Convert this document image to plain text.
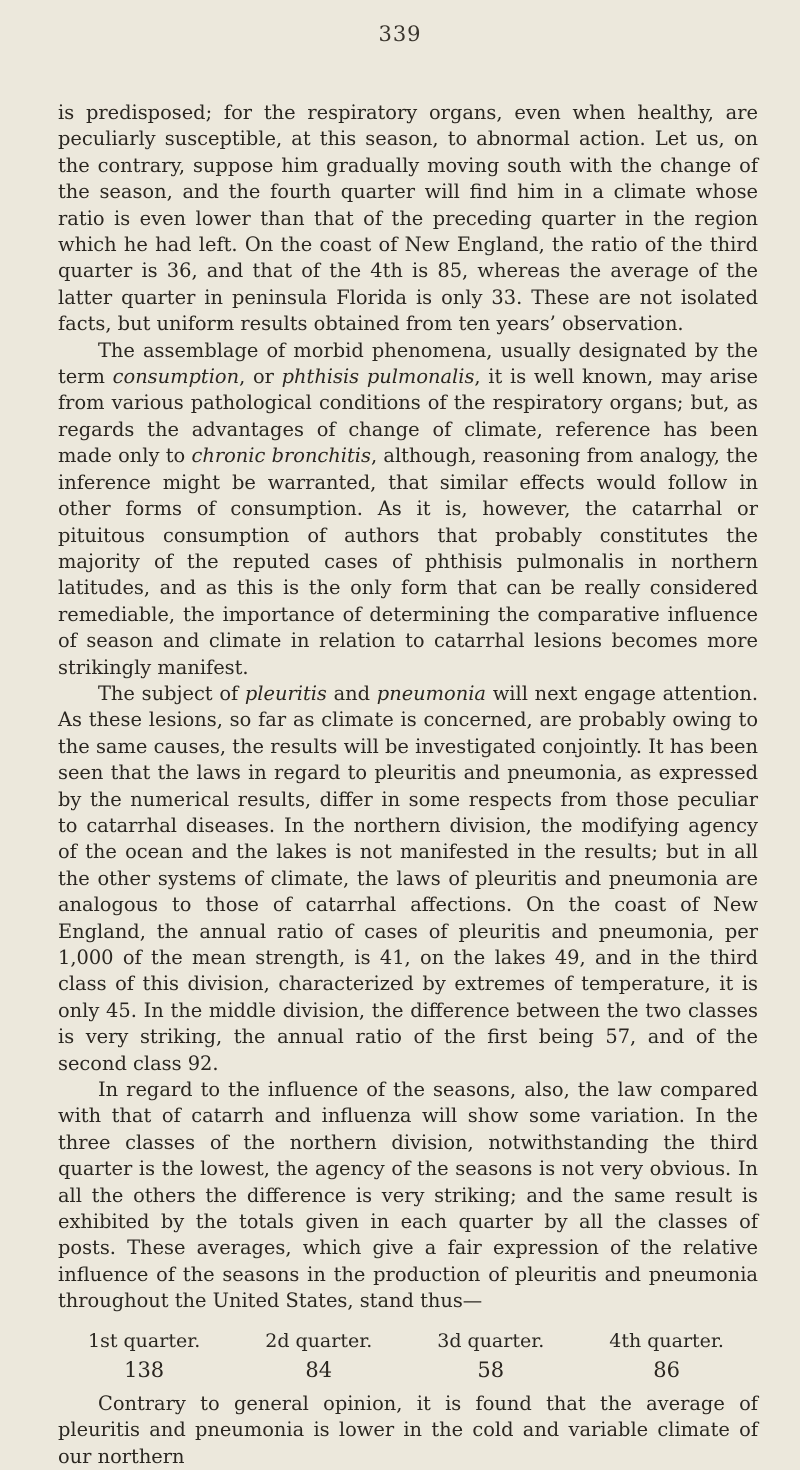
339

is predisposed; for the respiratory organs, even when healthy, are peculiarly susceptible, at this season, to abnormal action. Let us, on the contrary, suppose him gradually moving south with the change of the season, and the fourth quarter will find him in a climate whose ratio is even lower than that of the preceding quarter in the region which he had left. On the coast of New England, the ratio of the third quarter is 36, and that of the 4th is 85, whereas the average of the latter quarter in peninsula Florida is only 33. These are not isolated facts, but uniform results obtained from ten years’ observation.

The assemblage of morbid phenomena, usually designated by the term consumption, or phthisis pulmonalis, it is well known, may arise from various pathological conditions of the respiratory organs; but, as regards the advantages of change of climate, reference has been made only to chronic bronchitis, although, reasoning from analogy, the inference might be warranted, that similar effects would follow in other forms of consumption. As it is, however, the catarrhal or pituitous consumption of authors that probably constitutes the majority of the reputed cases of phthisis pulmonalis in northern latitudes, and as this is the only form that can be really considered remediable, the importance of determining the comparative influence of season and climate in relation to catarrhal lesions becomes more strikingly manifest.

The subject of pleuritis and pneumonia will next engage attention. As these lesions, so far as climate is concerned, are probably owing to the same causes, the results will be investigated conjointly. It has been seen that the laws in regard to pleuritis and pneumonia, as expressed by the numerical results, differ in some respects from those peculiar to catarrhal diseases. In the northern division, the modifying agency of the ocean and the lakes is not manifested in the results; but in all the other systems of climate, the laws of pleuritis and pneumonia are analogous to those of catarrhal affections. On the coast of New England, the annual ratio of cases of pleuritis and pneumonia, per 1,000 of the mean strength, is 41, on the lakes 49, and in the third class of this division, characterized by extremes of temperature, it is only 45. In the middle division, the difference between the two classes is very striking, the annual ratio of the first being 57, and of the second class 92.

In regard to the influence of the seasons, also, the law compared with that of catarrh and influenza will show some variation. In the three classes of the northern division, notwithstanding the third quarter is the lowest, the agency of the seasons is not very obvious. In all the others the difference is very striking; and the same result is exhibited by the totals given in each quarter by all the classes of posts. These averages, which give a fair expression of the relative influence of the seasons in the production of pleuritis and pneumonia throughout the United States, stand thus—

1st quarter.
138
2d quarter.
84
3d quarter.
58
4th quarter.
86

Contrary to general opinion, it is found that the average of pleuritis and pneumonia is lower in the cold and variable climate of our northern
